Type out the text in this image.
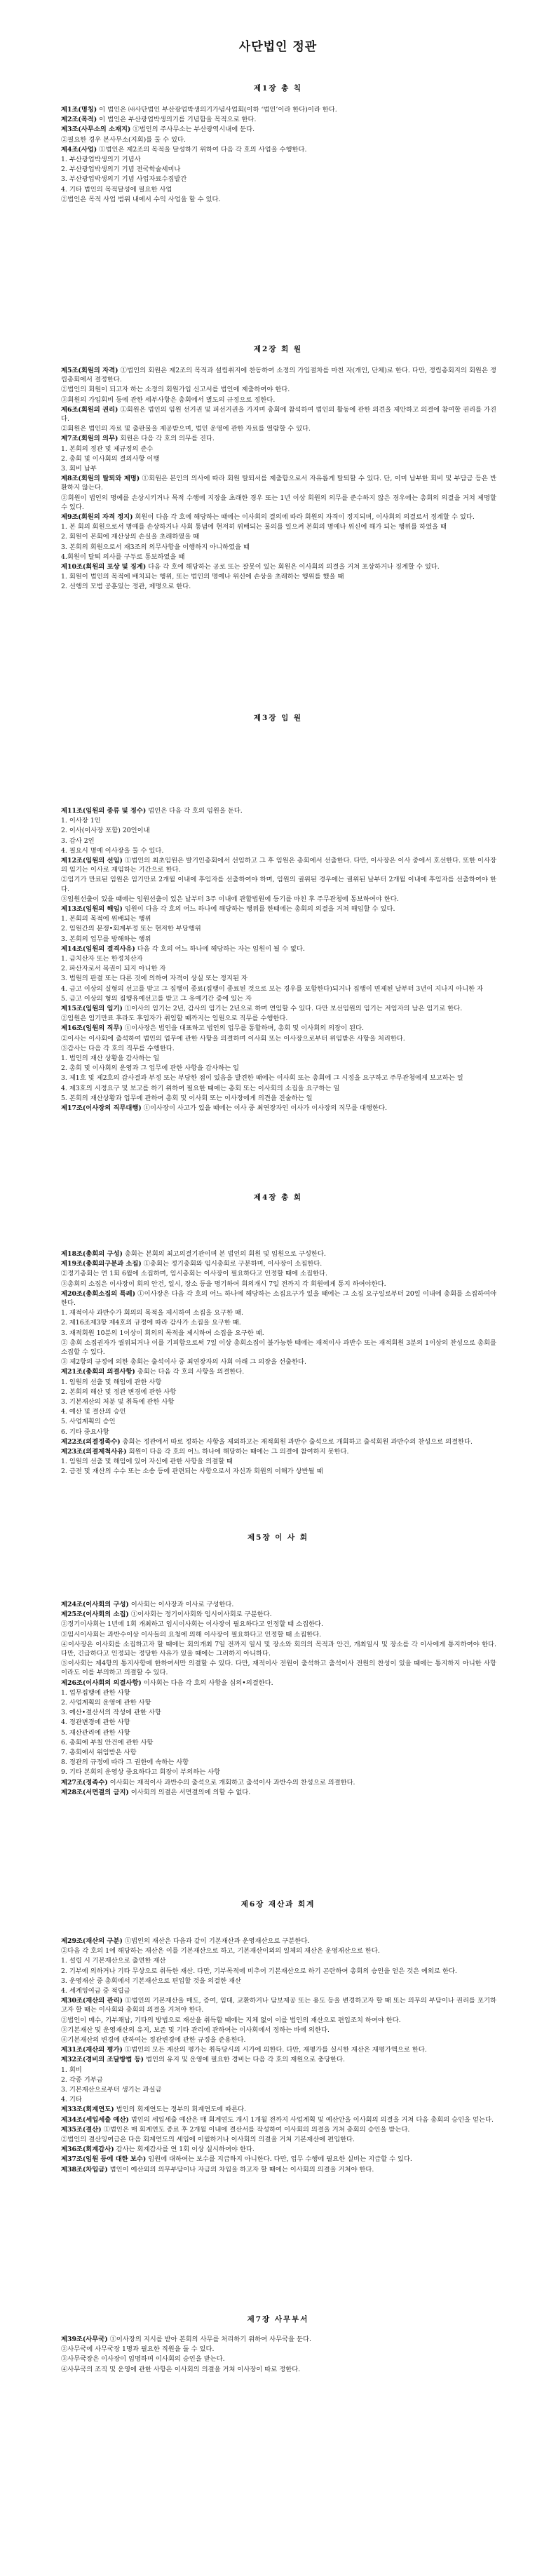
사단법인 정관
제1장 총 칙

제1조(명칭) 이 법인은 ㈔사단법인 부산광업박생의기가념사업회(이하 ‘법인’이라 한다)이라 한다.

제2조(목적) 이 법인은 부산광업박생의기를 기념함을 목적으로 한다.

제3조(사무소의 소재지) ①법인의 주사무소는 부산광역시내에 둔다.

②필요한 경우 본사무소(지회)를 둘 수 있다.

제4조(사업) ①법인은 제2조의 목적을 달성하기 위하여 다음 각 호의 사업을 수행한다.

1. 부산광업박생의기 기념사

2. 부산광업박생의기 기념 전국학술세미나

3. 부산광업박생의기 기념 사업자료수집발간

4. 기타 법인의 목적달성에 필요한 사업

②법인은 목적 사업 범위 내에서 수익 사업을 할 수 있다.

제2장 회 원

제5조(회원의 자격) ①법인의 회원은 제2조의 목적과 설립취지에 찬동하여 소정의 가입절차를 마친 자(개인, 단체)로 한다. 다만, 정립총회지의 회원은 정립총회에서 결정한다.

②법인의 회원이 되고자 하는 소정의 회원가입 신고서를 법인에 제출하여야 한다.

③회원의 가입회비 등에 관한 세부사항은 총회에서 별도의 규정으로 정한다.

제6조(회원의 권리) ①회원은 법인의 임원 선거권 및 피선거권을 가지며 총회에 참석하여 법인의 활동에 관한 의견을 제안하고 의결에 참여할 권리를 가진다.

②회원은 법인의 자료 및 출판물을 제공받으며, 법인 운영에 관한 자료를 열람할 수 있다.

제7조(회원의 의무) 회원은 다음 각 호의 의무를 진다.

1. 본회의 정관 및 제규정의 준수

2. 총회 및 이사회의 결의사항 이행

3. 회비 납부

제8조(회원의 탈퇴와 제명) ①회원은 본인의 의사에 따라 회원 탈퇴서를 제출함으로서 자유롭게 탈퇴할 수 있다. 단, 이미 납부한 회비 및 부담금 등은 반환하지 않는다.

②회원이 법인의 명예를 손상시키거나 목적 수행에 지장을 초래한 경우 또는 1년 이상 회원의 의무를 준수하지 않은 경우에는 총회의 의결을 거쳐 제명할 수 있다.

제9조(회원의 자격 정지) 회원이 다음 각 호에 해당하는 때에는 이사회의 결의에 따라 회원의 자격이 정지되며, 이사회의 의결로서 정계할 수 있다.

1. 본 회의 회원으로서 명예를 손상하거나 사회 통념에 현저히 위배되는 물의를 일으켜 본회의 명예나 위신에 해가 되는 행위를 하였을 때

2. 회원이 본회에 재산상의 손실을 초래하였을 때

3. 본회의 회원으로서 재3조의 의무사항을 이행하지 아니하였을 때

4.회원이 탈퇴 의사를 구두로 통보하였을 때

제10조(회원의 포상 및 징계) 다음 각 호에 해당하는 공로 또는 잘못이 있는 회원은 이사회의 의결을 거쳐 포상하거나 징계할 수 있다.

1. 회원이 법인의 목적에 배치되는 행위, 또는 법인의 명예나 위신에 손상을 초래하는 행위를 했을 때

2. 선행의 모범 공훈있는 정관, 제명으로 한다.

제3장 임 원

제11조(임원의 종류 및 정수) 법인은 다음 각 호의 임원을 둔다.

1. 이사장 1인

2. 이사(이사장 포함) 20인이내

3. 감사 2인

4. 필요시 명예 이사장을 둘 수 있다.

제12조(임원의 선임) ①법인의 최초임원은 발기인총회에서 선임하고 그 후 임원은 총회에서 선출한다. 다만, 이사장은 이사 중에서 호선한다. 또한 이사장의 임기는 이사로 재임하는 기간으로 한다.

②임기가 만료된 임원은 임기만료 2개월 이내에 후임자를 선출하여야 하며, 임원의 궐위된 경우에는 궐위된 날부터 2개월 이내에 후임자를 선출하여야 한다.

③임원선출이 있을 때에는 임원선출이 있은 날부터 3주 이내에 관할법원에 등기를 마친 후 주무관청에 통보하여야 한다.

제13조(임원의 해임) 임원이 다음 각 호의 어느 하나에 해당하는 행위를 한때에는 총회의 의결을 거쳐 해임할 수 있다.

1. 본회의 목적에 위배되는 행위

2. 임원간의 분쟁•회계부정 또는 현저한 부당행위

3. 본회의 업무를 방해하는 행위

제14조(임원의 결격사유) 다음 각 호의 어느 하나에 해당하는 자는 임원이 될 수 없다.

1. 금치산자 또는 한정치산자

2. 파산자로서 복권이 되지 아니한 자

3. 법원의 판결 또는 다른 것에 의하여 자격이 상실 또는 정지된 자

4. 금고 이상의 실형의 선고를 받고 그 집행이 종료(집행이 종료된 것으로 보는 경우를 포함한다)되거나 집행이 면제된 날부터 3년이 지나지 아니한 자

5. 금고 이상의 형의 집행유예선고를 받고 그 유예기간 중에 있는 자

제15조(임원의 임기) ①이사의 임기는 2년, 감사의 임기는 2년으로 하며 연임할 수 있다. 다만 보선임원의 임기는 저임자의 남은 임기로 한다.

②임원은 임기만료 후라도 후임자가 취임할 때까지는 임원으로 직무를 수행한다.

제16조(임원의 직무) ①이사장은 법인을 대표하고 법인의 업무를 통할하며, 총회 및 이사회의 의장이 된다.

②이사는 이사회에 출석하여 법인의 업무에 관한 사항을 의결하며 이사회 또는 이사장으로부터 위임받은 사항을 처리한다.

③감사는 다음 각 호의 직무를 수행한다.

1. 법인의 재산 상황을 감사하는 일

2. 총회 및 이사회의 운영과 그 업무에 관한 사항을 감사하는 일

3. 제1호 및 제2호의 감사결과 부정 또는 부당한 점이 있음을 발견한 때에는 이사회 또는 총회에 그 시정을 요구하고 주무관청에게 보고하는 일

4. 제3호의 시정요구 및 보고를 하기 위하여 필요한 때에는 총회 또는 이사회의 소집을 요구하는 일

5. 본회의 재산상황과 업무에 관하여 총회 및 이사회 또는 이사장에게 의견을 진술하는 일

제17조(이사장의 직무대행) ①이사장이 사고가 있을 때에는 이사 중 최연장자인 이사가 이사장의 직무를 대행한다.

제4장 총 회

제18조(총회의 구성) 총회는 본회의 최고의결기관이며 본 법인의 회원 및 임원으로 구성한다.

제19조(총회의구분과 소집) ①총회는 정기총회와 임시총회로 구분하며, 이사장이 소집한다.

②정기총회는 연 1회 6월에 소집하며, 임시총회는 이사장이 필요하다고 인정할 때에 소집한다.

③총회의 소집은 이사장이 회의 안건, 일시, 장소 등을 명기하여 회의개시 7일 전까지 각 회원에게 통지 하여야한다.

제20조(총회소집의 특례) ①이사장은 다음 각 호의 어느 하나에 해당하는 소집요구가 있을 때에는 그 소집 요구일로부터 20일 이내에 총회를 소집하여야 한다.

1. 재적이사 과반수가 회의의 목적을 제시하여 소집을 요구한 때.

2. 제16조제3항 제4호의 규정에 따라 감사가 소집을 요구한 때.

3. 재적회원 10분의 1이상이 회의의 목적을 제시하여 소집을 요구한 때.

② 총회 소집권자가 궐위되거나 이를 기피함으로써 7일 이상 총회소집이 불가능한 때에는 재적이사 과반수 또는 재적회원 3분의 1이상의 찬성으로 총회를 소집할 수 있다.

③ 제2항의 규정에 의한 총회는 출석이사 중 최연장자의 사회 아래 그 의장을 선출한다.

제21조(총회의 의결사항) 총회는 다음 각 호의 사항을 의결한다.

1. 임원의 선출 및 해임에 관한 사항

2. 본회의 해산 및 정관 변경에 관한 사항

3. 기본재산의 처분 및 취득에 관한 사항

4. 예산 및 결산의 승인

5. 사업계획의 승인

6. 기타 중요사항

제22조(의결정족수) 총회는 정관에서 따로 정하는 사항을 제외하고는 재적회원 과반수 출석으로 개회하고 출석회원 과반수의 찬성으로 의결한다.

제23조(의결제척사유) 회원이 다음 각 호의 어느 하나에 해당하는 때에는 그 의결에 참여하지 못한다.

1. 임원의 선출 및 해임에 있어 자신에 관한 사항을 의결할 때

2. 금전 및 재산의 수수 또는 소송 등에 관련되는 사항으로서 자신과 회원의 이해가 상반될 때

제5장 이 사 회

제24조(이사회의 구성) 이사회는 이사장과 이사로 구성한다.

제25조(이사회의 소집) ①이사회는 정기이사회와 임시이사회로 구분한다.

②정기이사회는 1년에 1회 개최하고 임시이사회는 이사장이 필요하다고 인정할 때 소집한다.

③임시이사회는 과반수이상 이사들의 요청에 의해 이사장이 필요하다고 인정할 때 소집한다.

④이사장은 이사회를 소집하고자 할 때에는 회의개최 7일 전까지 일시 및 장소와 회의의 목적과 안건, 개최일시 및 장소를 각 이사에게 통지하여야 한다. 다만, 긴급하다고 인정되는 정당한 사유가 있을 때에는 그러하지 아니하다.

⑤이사회는 제4항의 통지사항에 한하여서만 의결할 수 있다. 다만, 재적이사 전원이 출석하고 출석이사 전원의 찬성이 있을 때에는 통지하지 아니한 사항이라도 이를 부의하고 의결할 수 있다.

제26조(이사회의 의결사항) 이사회는 다음 각 호의 사항을 심의•의결한다.

1. 업무집행에 관한 사항

2. 사업계획의 운영에 관한 사항

3. 예산•결산서의 작성에 관한 사항

4. 정관변경에 관한 사항

5. 재산관리에 관한 사항

6. 총회에 부칠 안건에 관한 사항

7. 총회에서 위임받은 사항

8. 정관의 규정에 따라 그 권한에 속하는 사항

9. 기타 본회의 운영상 중요하다고 회장이 부의하는 사항

제27조(정족수) 이사회는 재적이사 과반수의 출석으로 개회하고 출석이사 과반수의 찬성으로 의결한다.

제28조(서면결의 금지) 이사회의 의결은 서면결의에 의할 수 없다.

제6장 재산과 회계

제29조(재산의 구분) ①법인의 재산은 다음과 같이 기본재산과 운영재산으로 구분한다.

②다음 각 호의 1에 해당하는 재산은 이를 기본재산으로 하고, 기본재산이외의 일체의 재산은 운영재산으로 한다.

1. 설립 시 기본재산으로 출연한 재산

2. 기부에 의하거나 기타 무상으로 취득한 재산. 다만, 기부목적에 비추어 기본재산으로 하기 곤란하여 총회의 승인을 얻은 것은 예외로 한다.

3. 운영재산 중 총회에서 기본재산으로 편입할 것을 의결한 재산

4. 세계잉여금 중 적립금

제30조(재산의 관리) ①법인의 기본재산을 매도, 증여, 임대, 교환하거나 담보제공 또는 용도 등을 변경하고자 할 때 또는 의무의 부담이나 권리를 포기하고자 할 때는 이사회와 총회의 의결을 거쳐야 한다.

②법인이 매수, 기부채납, 기타의 방법으로 재산을 취득할 때에는 지체 없이 이를 법인의 재산으로 편입조치 하여야 한다.

③기본재산 및 운영재산의 유지, 보존 및 기타 관리에 관하여는 이사회에서 정하는 바에 의한다.

④기본재산의 변경에 관하여는 정관변경에 관한 규정을 준용한다.

제31조(재산의 평가) ①법인의 모든 재산의 평가는 취득당시의 시가에 의한다. 다만, 재평가를 실시한 재산은 재평가액으로 한다.

제32조(경비의 조달방법 등) 법인의 유지 및 운영에 필요한 경비는 다음 각 호의 재원으로 충당한다.

1. 회비

2. 각종 기부금

3. 기본재산으로부터 생기는 과실금

4. 기타

제33조(회계연도) 법인의 회계연도는 정부의 회계연도에 따른다.

제34조(세입세출 예산) 법인의 세입세출 예산은 매 회계연도 개시 1개월 전까지 사업계획 및 예산안을 이사회의 의결을 거쳐 다음 총회의 승인을 얻는다.

제35조(결산) ①법인은 매 회계연도 종료 후 2개월 이내에 결산서를 작성하여 이사회의 의결을 거쳐 총회의 승인을 받는다.

②법인의 결산잉여금은 다음 회계연도의 세입에 이월하거나 이사회의 의결을 거쳐 기본재산에 편입한다.

제36조(회계감사) 감사는 회계감사를 연 1회 이상 실시하여야 한다.

제37조(임원 등에 대한 보수) 임원에 대하여는 보수를 지급하지 아니한다. 다만, 업무 수행에 필요한 실비는 지급할 수 있다.

제38조(차입금) 법인이 예산외의 의무부담이나 자금의 차입을 하고자 할 때에는 이사회의 의결을 거쳐야 한다.

제7장 사무부서

제39조(사무국) ①이사장의 지시를 받아 본회의 사무를 처리하기 위하여 사무국을 둔다.

②사무국에 사무국장 1명과 필요한 직원을 둘 수 있다.

③사무국장은 이사장이 임명하며 이사회의 승인을 받는다.

④사무국의 조직 및 운영에 관한 사항은 이사회의 의결을 거쳐 이사장이 따로 정한다.
